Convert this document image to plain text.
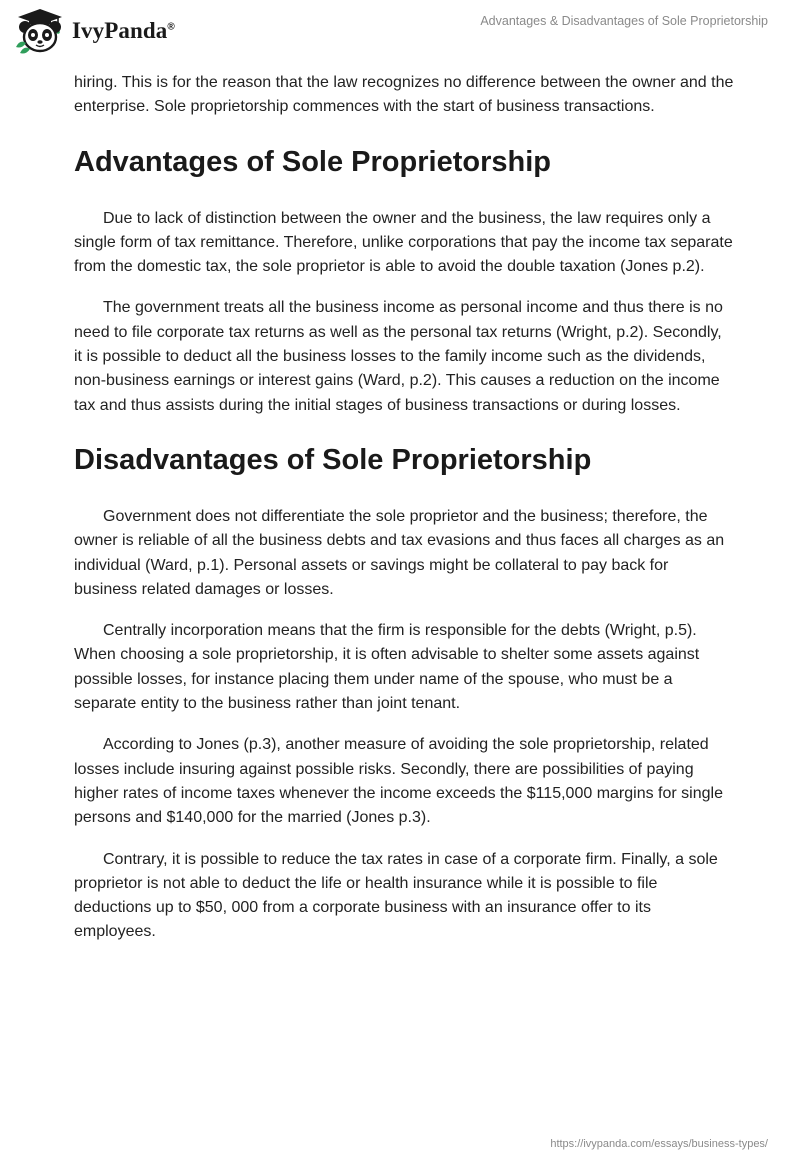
IvyPanda®	Advantages & Disadvantages of Sole Proprietorship

hiring. This is for the reason that the law recognizes no difference between the owner and the enterprise. Sole proprietorship commences with the start of business transactions.

Advantages of Sole Proprietorship

Due to lack of distinction between the owner and the business, the law requires only a single form of tax remittance. Therefore, unlike corporations that pay the income tax separate from the domestic tax, the sole proprietor is able to avoid the double taxation (Jones p.2).

The government treats all the business income as personal income and thus there is no need to file corporate tax returns as well as the personal tax returns (Wright, p.2). Secondly, it is possible to deduct all the business losses to the family income such as the dividends, non-business earnings or interest gains (Ward, p.2). This causes a reduction on the income tax and thus assists during the initial stages of business transactions or during losses.

Disadvantages of Sole Proprietorship

Government does not differentiate the sole proprietor and the business; therefore, the owner is reliable of all the business debts and tax evasions and thus faces all charges as an individual (Ward, p.1). Personal assets or savings might be collateral to pay back for business related damages or losses.

Centrally incorporation means that the firm is responsible for the debts (Wright, p.5). When choosing a sole proprietorship, it is often advisable to shelter some assets against possible losses, for instance placing them under name of the spouse, who must be a separate entity to the business rather than joint tenant.

According to Jones (p.3), another measure of avoiding the sole proprietorship, related losses include insuring against possible risks. Secondly, there are possibilities of paying higher rates of income taxes whenever the income exceeds the $115,000 margins for single persons and $140,000 for the married (Jones p.3).

Contrary, it is possible to reduce the tax rates in case of a corporate firm. Finally, a sole proprietor is not able to deduct the life or health insurance while it is possible to file deductions up to $50, 000 from a corporate business with an insurance offer to its employees.

https://ivypanda.com/essays/business-types/
